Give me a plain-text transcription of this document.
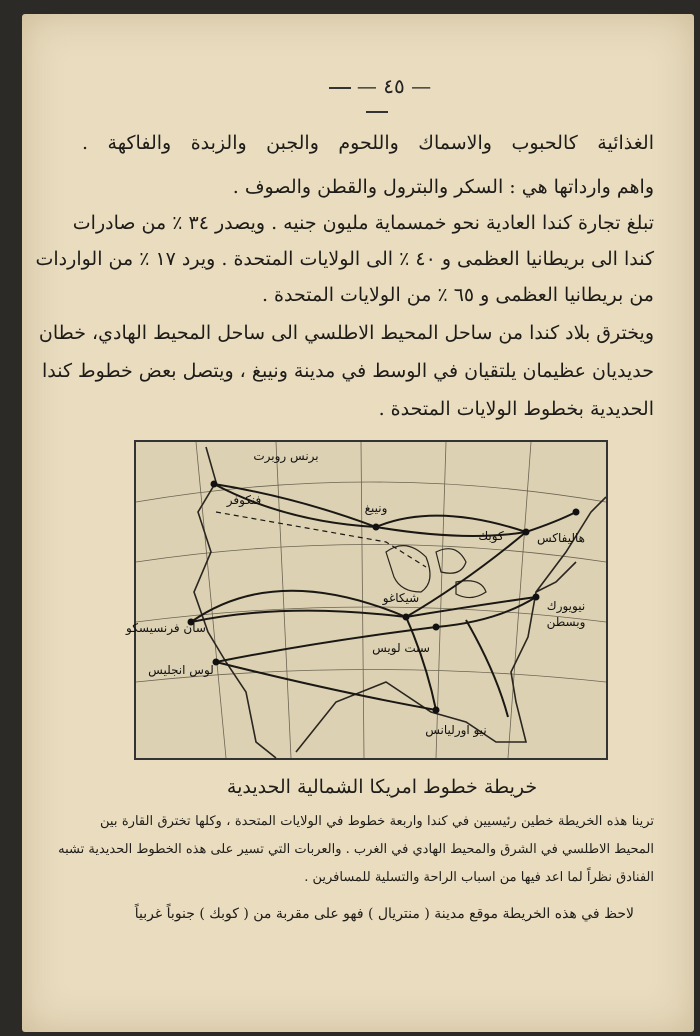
— ٤٥ —
الغذائية كالحبوب والاسماك واللحوم والجبن والزبدة والفاكهة .
واهم وارداتها هي : السكر والبترول والقطن والصوف .
تبلغ تجارة كندا العادية نحو خمسماية مليون جنيه . ويصدر ٣٤ ٪ من صادرات
كندا الى بريطانيا العظمى و ٤٠ ٪ الى الولايات المتحدة . ويرد ١٧ ٪ من الواردات
من بريطانيا العظمى و ٦٥ ٪ من الولايات المتحدة .
ويخترق بلاد كندا من ساحل المحيط الاطلسي الى ساحل المحيط الهادي، خطان
حديديان عظيمان يلتقيان في الوسط في مدينة ونيبغ ، ويتصل بعض خطوط كندا
الحديدية بخطوط الولايات المتحدة .
برنس روبرت
فنكوفر
ونيبغ
كوبك	هاليفاكس
شيكاغو
نيويورك
وبسطن
سان فرنسيسكو
لوس انجليس
سنت لويس
نيو اورليانس
خريطة خطوط امريكا الشمالية الحديدية
ترينا هذه الخريطة خطين رئيسيين في كندا واربعة خطوط في الولايات المتحدة ، وكلها تخترق القارة بين
المحيط الاطلسي في الشرق والمحيط الهادي في الغرب . والعربات التي تسير على هذه الخطوط الحديدية تشبه
الفنادق نظراً لما اعد فيها من اسباب الراحة والتسلية للمسافرين .
لاحظ في هذه الخريطة موقع مدينة ( منتريال ) فهو على مقربة من ( كوبك ) جنوباً غربياً
